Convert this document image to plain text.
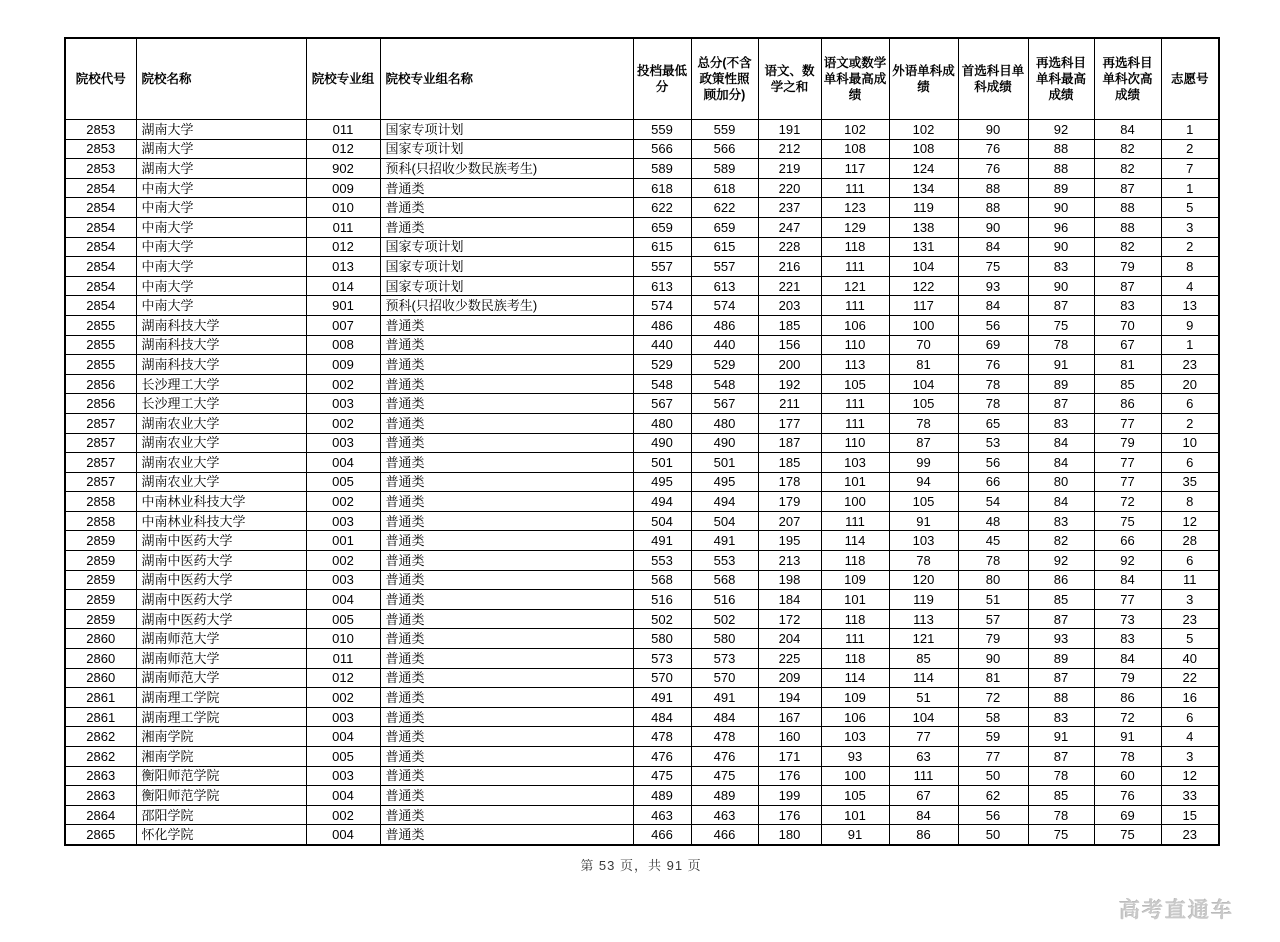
院校代号	院校名称	院校专业组	院校专业组名称	投档最低分	总分(不含政策性照顾加分)	语文、数学之和	语文或数学单科最高成绩	外语单科成绩	首选科目单科成绩	再选科目单科最高成绩	再选科目单科次高成绩	志愿号
2853	湖南大学	011	国家专项计划	559	559	191	102	102	90	92	84	1
2853	湖南大学	012	国家专项计划	566	566	212	108	108	76	88	82	2
2853	湖南大学	902	预科(只招收少数民族考生)	589	589	219	117	124	76	88	82	7
2854	中南大学	009	普通类	618	618	220	111	134	88	89	87	1
2854	中南大学	010	普通类	622	622	237	123	119	88	90	88	5
2854	中南大学	011	普通类	659	659	247	129	138	90	96	88	3
2854	中南大学	012	国家专项计划	615	615	228	118	131	84	90	82	2
2854	中南大学	013	国家专项计划	557	557	216	111	104	75	83	79	8
2854	中南大学	014	国家专项计划	613	613	221	121	122	93	90	87	4
2854	中南大学	901	预科(只招收少数民族考生)	574	574	203	111	117	84	87	83	13
2855	湖南科技大学	007	普通类	486	486	185	106	100	56	75	70	9
2855	湖南科技大学	008	普通类	440	440	156	110	70	69	78	67	1
2855	湖南科技大学	009	普通类	529	529	200	113	81	76	91	81	23
2856	长沙理工大学	002	普通类	548	548	192	105	104	78	89	85	20
2856	长沙理工大学	003	普通类	567	567	211	111	105	78	87	86	6
2857	湖南农业大学	002	普通类	480	480	177	111	78	65	83	77	2
2857	湖南农业大学	003	普通类	490	490	187	110	87	53	84	79	10
2857	湖南农业大学	004	普通类	501	501	185	103	99	56	84	77	6
2857	湖南农业大学	005	普通类	495	495	178	101	94	66	80	77	35
2858	中南林业科技大学	002	普通类	494	494	179	100	105	54	84	72	8
2858	中南林业科技大学	003	普通类	504	504	207	111	91	48	83	75	12
2859	湖南中医药大学	001	普通类	491	491	195	114	103	45	82	66	28
2859	湖南中医药大学	002	普通类	553	553	213	118	78	78	92	92	6
2859	湖南中医药大学	003	普通类	568	568	198	109	120	80	86	84	11
2859	湖南中医药大学	004	普通类	516	516	184	101	119	51	85	77	3
2859	湖南中医药大学	005	普通类	502	502	172	118	113	57	87	73	23
2860	湖南师范大学	010	普通类	580	580	204	111	121	79	93	83	5
2860	湖南师范大学	011	普通类	573	573	225	118	85	90	89	84	40
2860	湖南师范大学	012	普通类	570	570	209	114	114	81	87	79	22
2861	湖南理工学院	002	普通类	491	491	194	109	51	72	88	86	16
2861	湖南理工学院	003	普通类	484	484	167	106	104	58	83	72	6
2862	湘南学院	004	普通类	478	478	160	103	77	59	91	91	4
2862	湘南学院	005	普通类	476	476	171	93	63	77	87	78	3
2863	衡阳师范学院	003	普通类	475	475	176	100	111	50	78	60	12
2863	衡阳师范学院	004	普通类	489	489	199	105	67	62	85	76	33
2864	邵阳学院	002	普通类	463	463	176	101	84	56	78	69	15
2865	怀化学院	004	普通类	466	466	180	91	86	50	75	75	23
第 53 页，共 91 页
高考直通车
